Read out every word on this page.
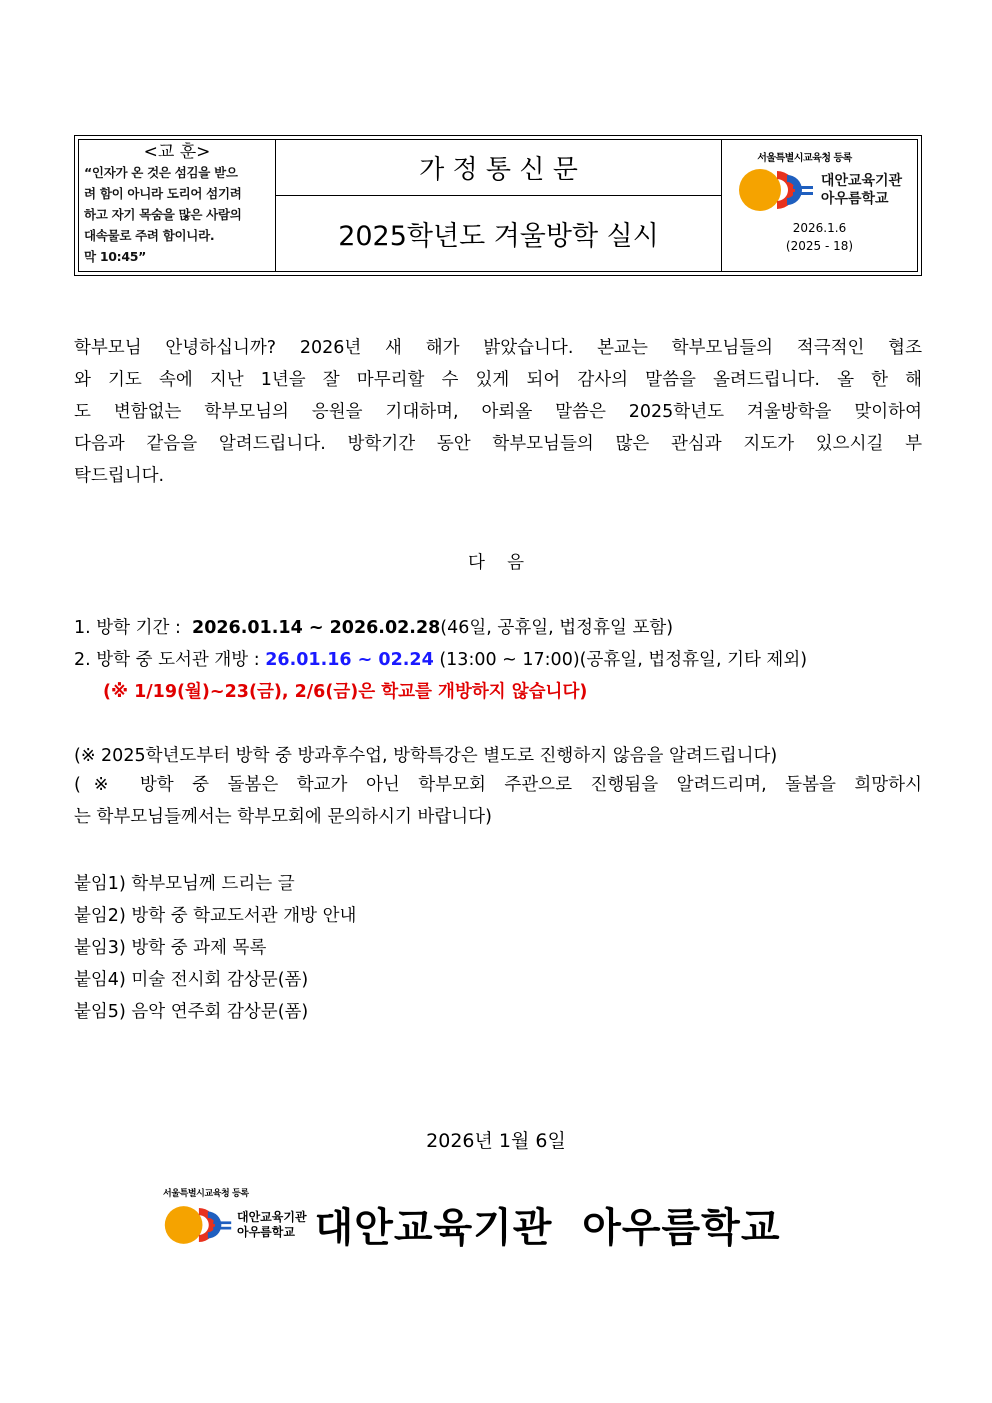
<교 훈>
“인자가 온 것은 섬김을 받으
려 함이 아니라 도리어 섬기려
하고 자기 목숨을 많은 사람의
대속물로 주려 함이니라.
막 10:45”
가 정 통 신 문
2025학년도 겨울방학 실시
서울특별시교육청 등록
대안교육기관
아우름학교
2026.1.6
(2025 - 18)
학부모님 안녕하십니까? 2026년 새 해가 밝았습니다. 본교는 학부모님들의 적극적인 협조
와 기도 속에 지난 1년을 잘 마무리할 수 있게 되어 감사의 말씀을 올려드립니다. 올 한 해
도 변함없는 학부모님의 응원을 기대하며, 아뢰올 말씀은 2025학년도 겨울방학을 맞이하여
다음과 같음을 알려드립니다. 방학기간 동안 학부모님들의 많은 관심과 지도가 있으시길 부
탁드립니다.
다    음
1. 방학 기간 :  2026.01.14 ~ 2026.02.28(46일, 공휴일, 법정휴일 포함)
2. 방학 중 도서관 개방 : 26.01.16 ~ 02.24 (13:00 ~ 17:00)(공휴일, 법정휴일, 기타 제외)
(※ 1/19(월)~23(금), 2/6(금)은 학교를 개방하지 않습니다)
(※ 2025학년도부터 방학 중 방과후수업, 방학특강은 별도로 진행하지 않음을 알려드립니다)
(※ 방학 중 돌봄은 학교가 아닌 학부모회 주관으로 진행됨을 알려드리며, 돌봄을 희망하시
는 학부모님들께서는 학부모회에 문의하시기 바랍니다)
붙임1) 학부모님께 드리는 글
붙임2) 방학 중 학교도서관 개방 안내
붙임3) 방학 중 과제 목록
붙임4) 미술 전시회 감상문(폼)
붙임5) 음악 연주회 감상문(폼)
2026년 1월 6일
서울특별시교육청 등록
대안교육기관
아우름학교 대안교육기관  아우름학교
